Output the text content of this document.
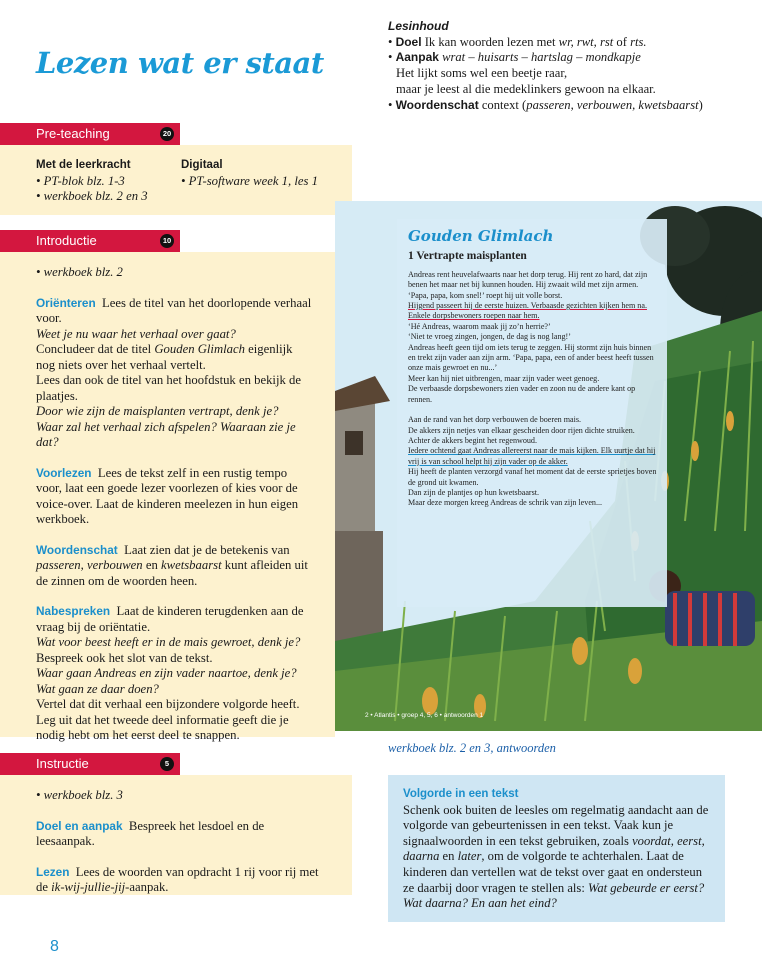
Lezen wat er staat
Lesinhoud
• Doel Ik kan woorden lezen met wr, rwt, rst of rts.
• Aanpak wrat – huisarts – hartslag – mondkapje
Het lijkt soms wel een beetje raar,
maar je leest al die medeklinkers gewoon na elkaar.
• Woordenschat context (passeren, verbouwen, kwetsbaarst)
Pre-teaching	20
Met de leerkracht
• PT-blok blz. 1-3
• werkboek blz. 2 en 3
Digitaal
• PT-software week 1, les 1
Introductie	10

• werkboek blz. 2

Oriënteren Lees de titel van het doorlopende verhaal voor.

Weet je nu waar het verhaal over gaat?

Concludeer dat de titel Gouden Glimlach eigenlijk nog niets over het verhaal vertelt.

Lees dan ook de titel van het hoofdstuk en bekijk de plaatjes.

Door wie zijn de maisplanten vertrapt, denk je?

Waar zal het verhaal zich afspelen? Waaraan zie je dat?

Voorlezen Lees de tekst zelf in een rustig tempo voor, laat een goede lezer voorlezen of kies voor de voice-over. Laat de kinderen meelezen in hun eigen werkboek.

Woordenschat Laat zien dat je de betekenis van passeren, verbouwen en kwetsbaarst kunt afleiden uit de zinnen om de woorden heen.

Nabespreken Laat de kinderen terugdenken aan de vraag bij de oriëntatie.

Wat voor beest heeft er in de mais gewroet, denk je?

Bespreek ook het slot van de tekst.

Waar gaan Andreas en zijn vader naartoe, denk je? Wat gaan ze daar doen?

Vertel dat dit verhaal een bijzondere volgorde heeft. Leg uit dat het tweede deel informatie geeft die je nodig hebt om het eerst deel te snappen.

Instructie	5

• werkboek blz. 3

Doel en aanpak Bespreek het lesdoel en de leesaanpak.

Lezen Lees de woorden van opdracht 1 rij voor rij met de ik-wij-jullie-jij-aanpak.

Gouden Glimlach
1 Vertrapte maisplanten
Andreas rent heuvelafwaarts naar het dorp terug. Hij rent zo hard, dat zijn benen het maar net bij kunnen houden. Hij zwaait wild met zijn armen. ‘Papa, papa, kom snel!’ roept hij uit volle borst.
Hijgend passeert hij de eerste huizen. Verbaasde gezichten kijken hem na. Enkele dorpsbewoners roepen naar hem.
‘Hé Andreas, waarom maak jij zo’n herrie?’
‘Niet te vroeg zingen, jongen, de dag is nog lang!’
Andreas heeft geen tijd om iets terug te zeggen. Hij stormt zijn huis binnen en trekt zijn vader aan zijn arm. ‘Papa, papa, een of ander beest heeft tussen onze mais gewroet en nu...’
Meer kan hij niet uitbrengen, maar zijn vader weet genoeg.
De verbaasde dorpsbewoners zien vader en zoon nu de andere kant op rennen.
Aan de rand van het dorp verbouwen de boeren mais.
De akkers zijn netjes van elkaar gescheiden door rijen dichte struiken. Achter de akkers begint het regenwoud.
Iedere ochtend gaat Andreas allereerst naar de mais kijken. Elk uurtje dat hij vrij is van school helpt hij zijn vader op de akker.
Hij heeft de planten verzorgd vanaf het moment dat de eerste sprietjes boven de grond uit kwamen.
Dan zijn de plantjes op hun kwetsbaarst.
Maar deze morgen kreeg Andreas de schrik van zijn leven...
2 • Atlantis • groep 4, 5, 6 • antwoorden 1
werkboek blz. 2 en 3, antwoorden
Volgorde in een tekst
Schenk ook buiten de leesles om regelmatig aandacht aan de volgorde van gebeurtenissen in een tekst. Vaak kun je signaalwoorden in een tekst gebruiken, zoals voordat, eerst, daarna en later, om de volgorde te achterhalen. Laat de kinderen dan vertellen wat de tekst over gaat en ondersteun ze daarbij door vragen te stellen als: Wat gebeurde er eerst? Wat daarna? En aan het eind?
8
